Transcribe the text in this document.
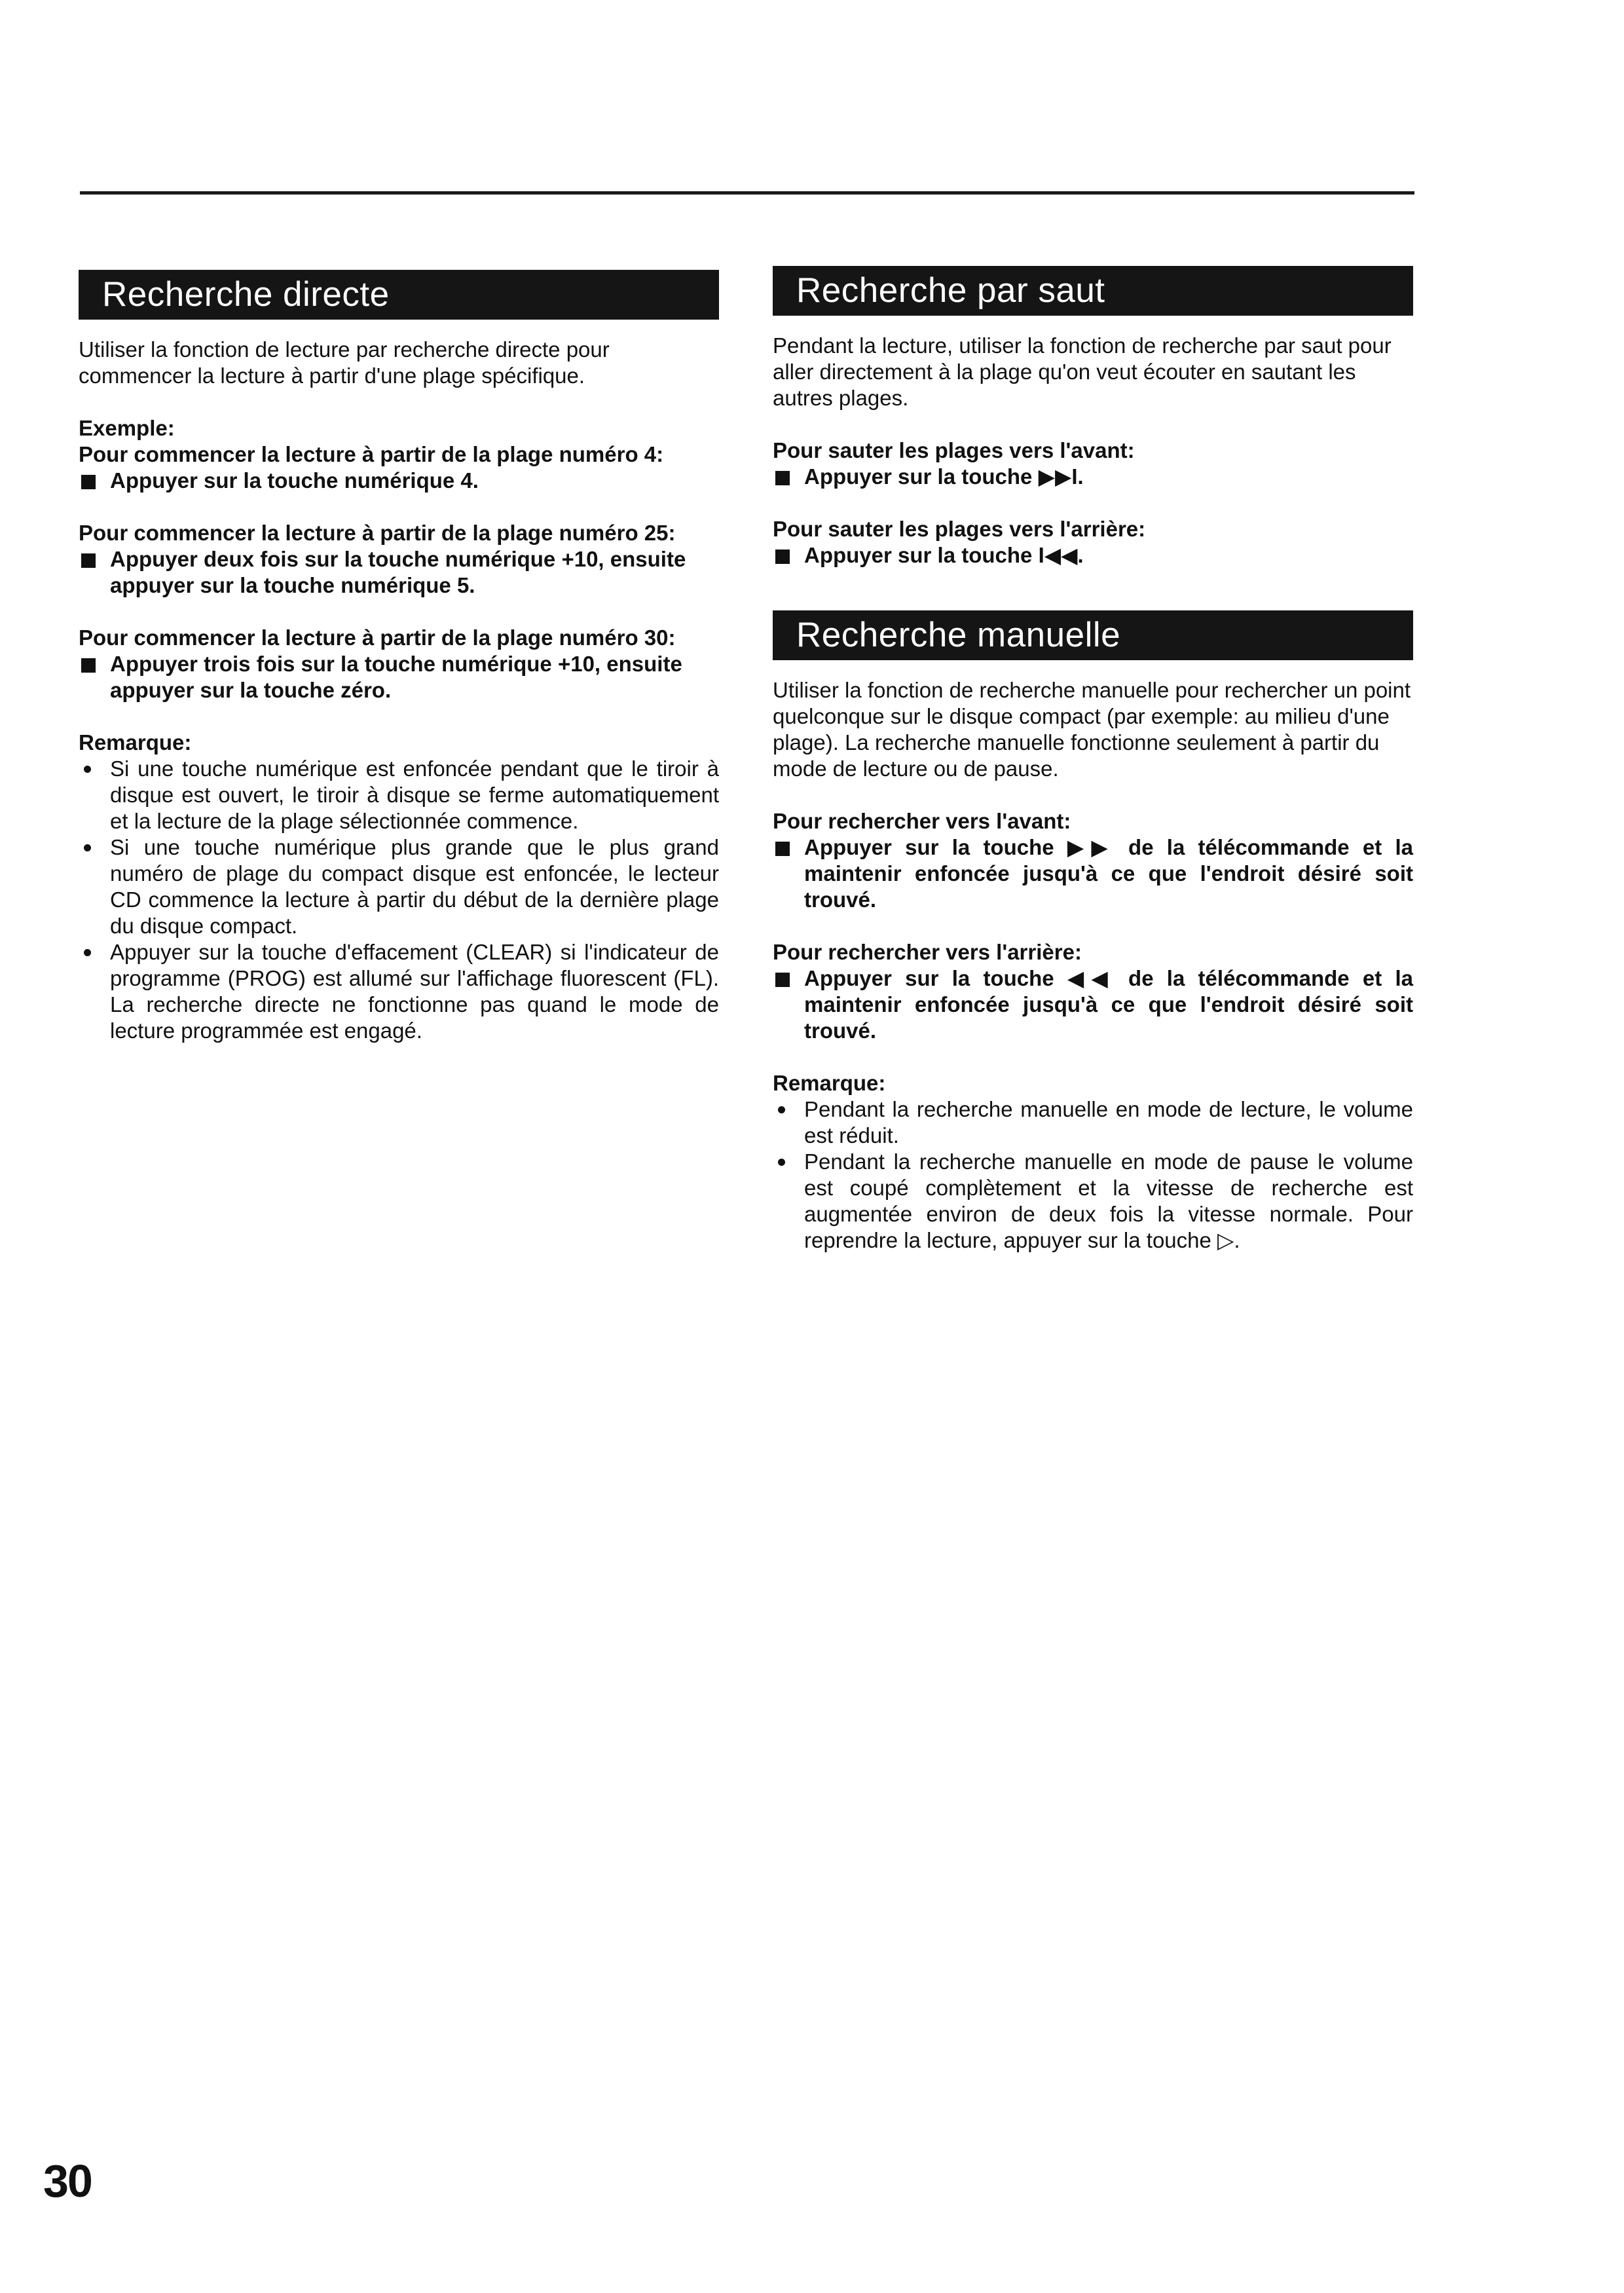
Recherche directe
Utiliser la fonction de lecture par recherche directe pour commencer la lecture à partir d'une plage spécifique.
Exemple:
Pour commencer la lecture à partir de la plage numéro 4:
Appuyer sur la touche numérique 4.
Pour commencer la lecture à partir de la plage numéro 25:
Appuyer deux fois sur la touche numérique +10, ensuite appuyer sur la touche numérique 5.
Pour commencer la lecture à partir de la plage numéro 30:
Appuyer trois fois sur la touche numérique +10, ensuite appuyer sur la touche zéro.
Remarque:
Si une touche numérique est enfoncée pendant que le tiroir à disque est ouvert, le tiroir à disque se ferme automatiquement et la lecture de la plage sélectionnée commence.
Si une touche numérique plus grande que le plus grand numéro de plage du compact disque est enfoncée, le lecteur CD commence la lecture à partir du début de la dernière plage du disque compact.
Appuyer sur la touche d'effacement (CLEAR) si l'indicateur de programme (PROG) est allumé sur l'affichage fluorescent (FL). La recherche directe ne fonctionne pas quand le mode de lecture programmée est engagé.
Recherche par saut
Pendant la lecture, utiliser la fonction de recherche par saut pour aller directement à la plage qu'on veut écouter en sautant les autres plages.
Pour sauter les plages vers l'avant:
Appuyer sur la touche ▶▶I.
Pour sauter les plages vers l'arrière:
Appuyer sur la touche I◀◀.
Recherche manuelle
Utiliser la fonction de recherche manuelle pour rechercher un point quelconque sur le disque compact (par exemple: au milieu d'une plage). La recherche manuelle fonctionne seulement à partir du mode de lecture ou de pause.
Pour rechercher vers l'avant:
Appuyer sur la touche ▶▶ de la télécommande et la maintenir enfoncée jusqu'à ce que l'endroit désiré soit trouvé.
Pour rechercher vers l'arrière:
Appuyer sur la touche ◀◀ de la télécommande et la maintenir enfoncée jusqu'à ce que l'endroit désiré soit trouvé.
Remarque:
Pendant la recherche manuelle en mode de lecture, le volume est réduit.
Pendant la recherche manuelle en mode de pause le volume est coupé complètement et la vitesse de recherche est augmentée environ de deux fois la vitesse normale. Pour reprendre la lecture, appuyer sur la touche ▷.
30
